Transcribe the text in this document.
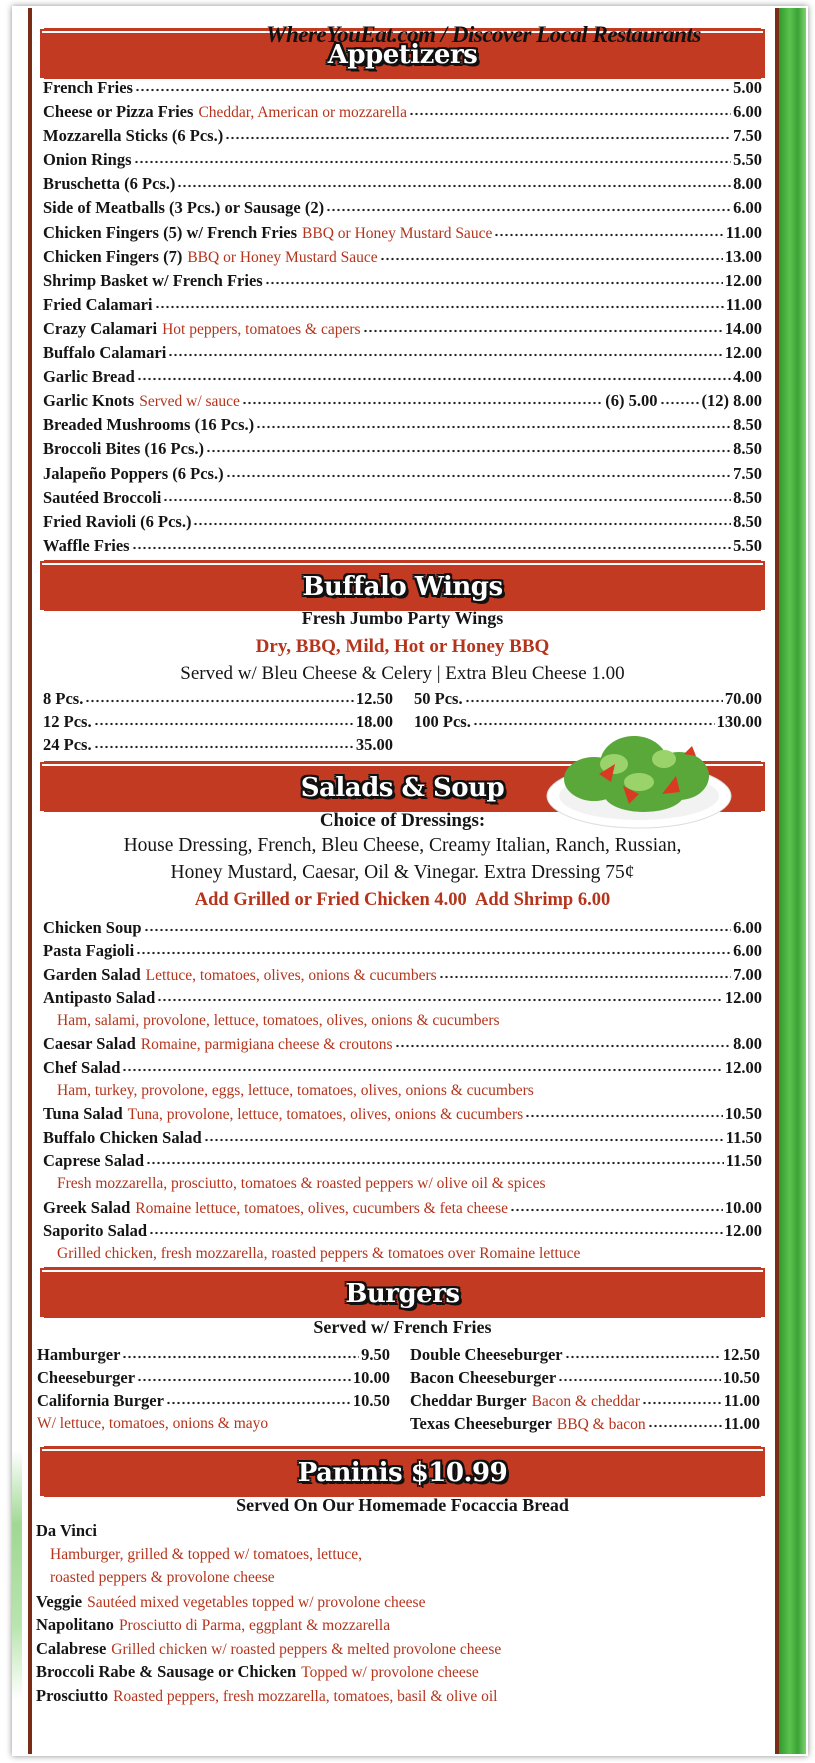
WhereYouEat.com / Discover Local Restaurants
Appetizers
French Fries	5.00
Cheese or Pizza Fries Cheddar, American or mozzarella	6.00
Mozzarella Sticks (6 Pcs.)	7.50
Onion Rings	5.50
Bruschetta (6 Pcs.)	8.00
Side of Meatballs (3 Pcs.) or Sausage (2)	6.00
Chicken Fingers (5) w/ French Fries BBQ or Honey Mustard Sauce	11.00
Chicken Fingers (7) BBQ or Honey Mustard Sauce	13.00
Shrimp Basket w/ French Fries	12.00
Fried Calamari	11.00
Crazy Calamari Hot peppers, tomatoes & capers	14.00
Buffalo Calamari	12.00
Garlic Bread	4.00
Garlic Knots Served w/ sauce	(6) 5.00	(12) 8.00
Breaded Mushrooms (16 Pcs.)	8.50
Broccoli Bites (16 Pcs.)	8.50
Jalapeño Poppers (6 Pcs.)	7.50
Sautéed Broccoli	8.50
Fried Ravioli (6 Pcs.)	8.50
Waffle Fries	5.50
Buffalo Wings
Fresh Jumbo Party Wings
Dry, BBQ, Mild, Hot or Honey BBQ
Served w/ Bleu Cheese & Celery | Extra Bleu Cheese 1.00
8 Pcs.	12.50
12 Pcs.	18.00
24 Pcs.	35.00
50 Pcs.	70.00
100 Pcs.	130.00
Salads & Soup
Choice of Dressings:
House Dressing, French, Bleu Cheese, Creamy Italian, Ranch, Russian,
Honey Mustard, Caesar, Oil & Vinegar. Extra Dressing 75¢
Add Grilled or Fried Chicken 4.00  Add Shrimp 6.00
Chicken Soup	6.00
Pasta Fagioli	6.00
Garden Salad Lettuce, tomatoes, olives, onions & cucumbers	7.00
Antipasto Salad	12.00
Ham, salami, provolone, lettuce, tomatoes, olives, onions & cucumbers
Caesar Salad Romaine, parmigiana cheese & croutons	8.00
Chef Salad	12.00
Ham, turkey, provolone, eggs, lettuce, tomatoes, olives, onions & cucumbers
Tuna Salad Tuna, provolone, lettuce, tomatoes, olives, onions & cucumbers	10.50
Buffalo Chicken Salad	11.50
Caprese Salad	11.50
Fresh mozzarella, prosciutto, tomatoes & roasted peppers w/ olive oil & spices
Greek Salad Romaine lettuce, tomatoes, olives, cucumbers & feta cheese	10.00
Saporito Salad	12.00
Grilled chicken, fresh mozzarella, roasted peppers & tomatoes over Romaine lettuce
Burgers
Served w/ French Fries
Hamburger	9.50
Cheeseburger	10.00
California Burger	10.50
W/ lettuce, tomatoes, onions & mayo
Double Cheeseburger	12.50
Bacon Cheeseburger	10.50
Cheddar Burger Bacon & cheddar	11.00
Texas Cheeseburger BBQ & bacon	11.00
Paninis $10.99
Served On Our Homemade Focaccia Bread
Da Vinci
Hamburger, grilled & topped w/ tomatoes, lettuce,
roasted peppers & provolone cheese
Veggie Sautéed mixed vegetables topped w/ provolone cheese
Napolitano Prosciutto di Parma, eggplant & mozzarella
Calabrese Grilled chicken w/ roasted peppers & melted provolone cheese
Broccoli Rabe & Sausage or Chicken Topped w/ provolone cheese
Prosciutto Roasted peppers, fresh mozzarella, tomatoes, basil & olive oil
